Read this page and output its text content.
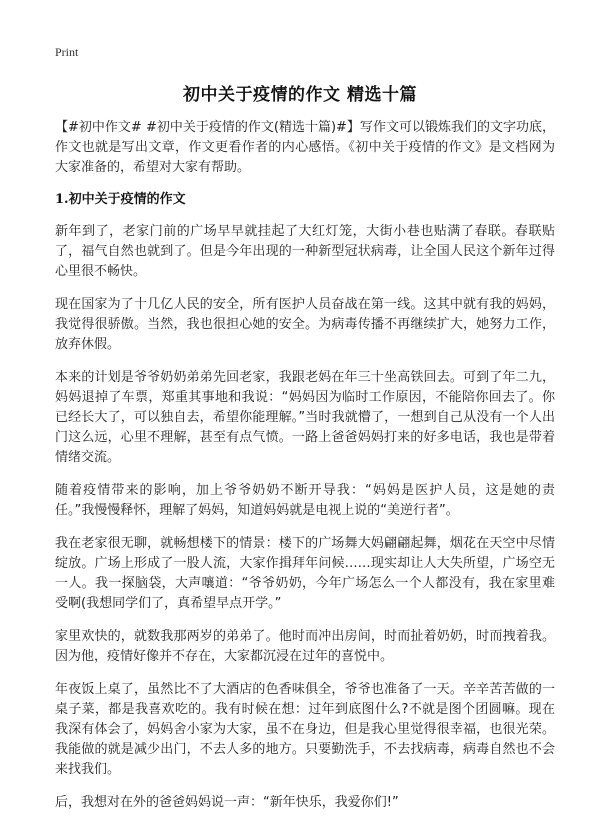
Print
初中关于疫情的作文 精选十篇

【#初中作文# #初中关于疫情的作文(精选十篇)#】写作文可以锻炼我们的文字功底，作文也就是写出文章，作文更看作者的内心感悟。《初中关于疫情的作文》是文档网为大家准备的，希望对大家有帮助。

1.初中关于疫情的作文

新年到了，老家门前的广场早早就挂起了大红灯笼，大街小巷也贴满了春联。春联贴了，福气自然也就到了。但是今年出现的一种新型冠状病毒，让全国人民这个新年过得心里很不畅快。

现在国家为了十几亿人民的安全，所有医护人员奋战在第一线。这其中就有我的妈妈，我觉得很骄傲。当然，我也很担心她的安全。为病毒传播不再继续扩大，她努力工作，放弃休假。

本来的计划是爷爷奶奶弟弟先回老家，我跟老妈在年三十坐高铁回去。可到了年二九，妈妈退掉了车票，郑重其事地和我说：“妈妈因为临时工作原因，不能陪你回去了。你已经长大了，可以独自去，希望你能理解。”当时我就懵了，一想到自己从没有一个人出门这么远，心里不理解，甚至有点气愤。一路上爸爸妈妈打来的好多电话，我也是带着情绪交流。

随着疫情带来的影响，加上爷爷奶奶不断开导我：“妈妈是医护人员，这是她的责任。”我慢慢释怀，理解了妈妈，知道妈妈就是电视上说的“美逆行者”。

我在老家很无聊，就畅想楼下的情景：楼下的广场舞大妈翩翩起舞，烟花在天空中尽情绽放。广场上形成了一股人流，大家作揖拜年问候……现实却让人大失所望，广场空无一人。我一探脑袋，大声嚷道：“爷爷奶奶，今年广场怎么一个人都没有，我在家里难受啊(我想同学们了，真希望早点开学。”

家里欢快的，就数我那两岁的弟弟了。他时而冲出房间，时而扯着奶奶，时而拽着我。因为他，疫情好像并不存在，大家都沉浸在过年的喜悦中。

年夜饭上桌了，虽然比不了大酒店的色香味俱全，爷爷也准备了一天。辛辛苦苦做的一桌子菜，都是我喜欢吃的。我有时候在想：过年到底图什么?不就是图个团圆嘛。现在我深有体会了，妈妈舍小家为大家，虽不在身边，但是我心里觉得很幸福，也很光荣。我能做的就是减少出门，不去人多的地方。只要勤洗手，不去找病毒，病毒自然也不会来找我们。

后，我想对在外的爸爸妈妈说一声：“新年快乐，我爱你们!”
